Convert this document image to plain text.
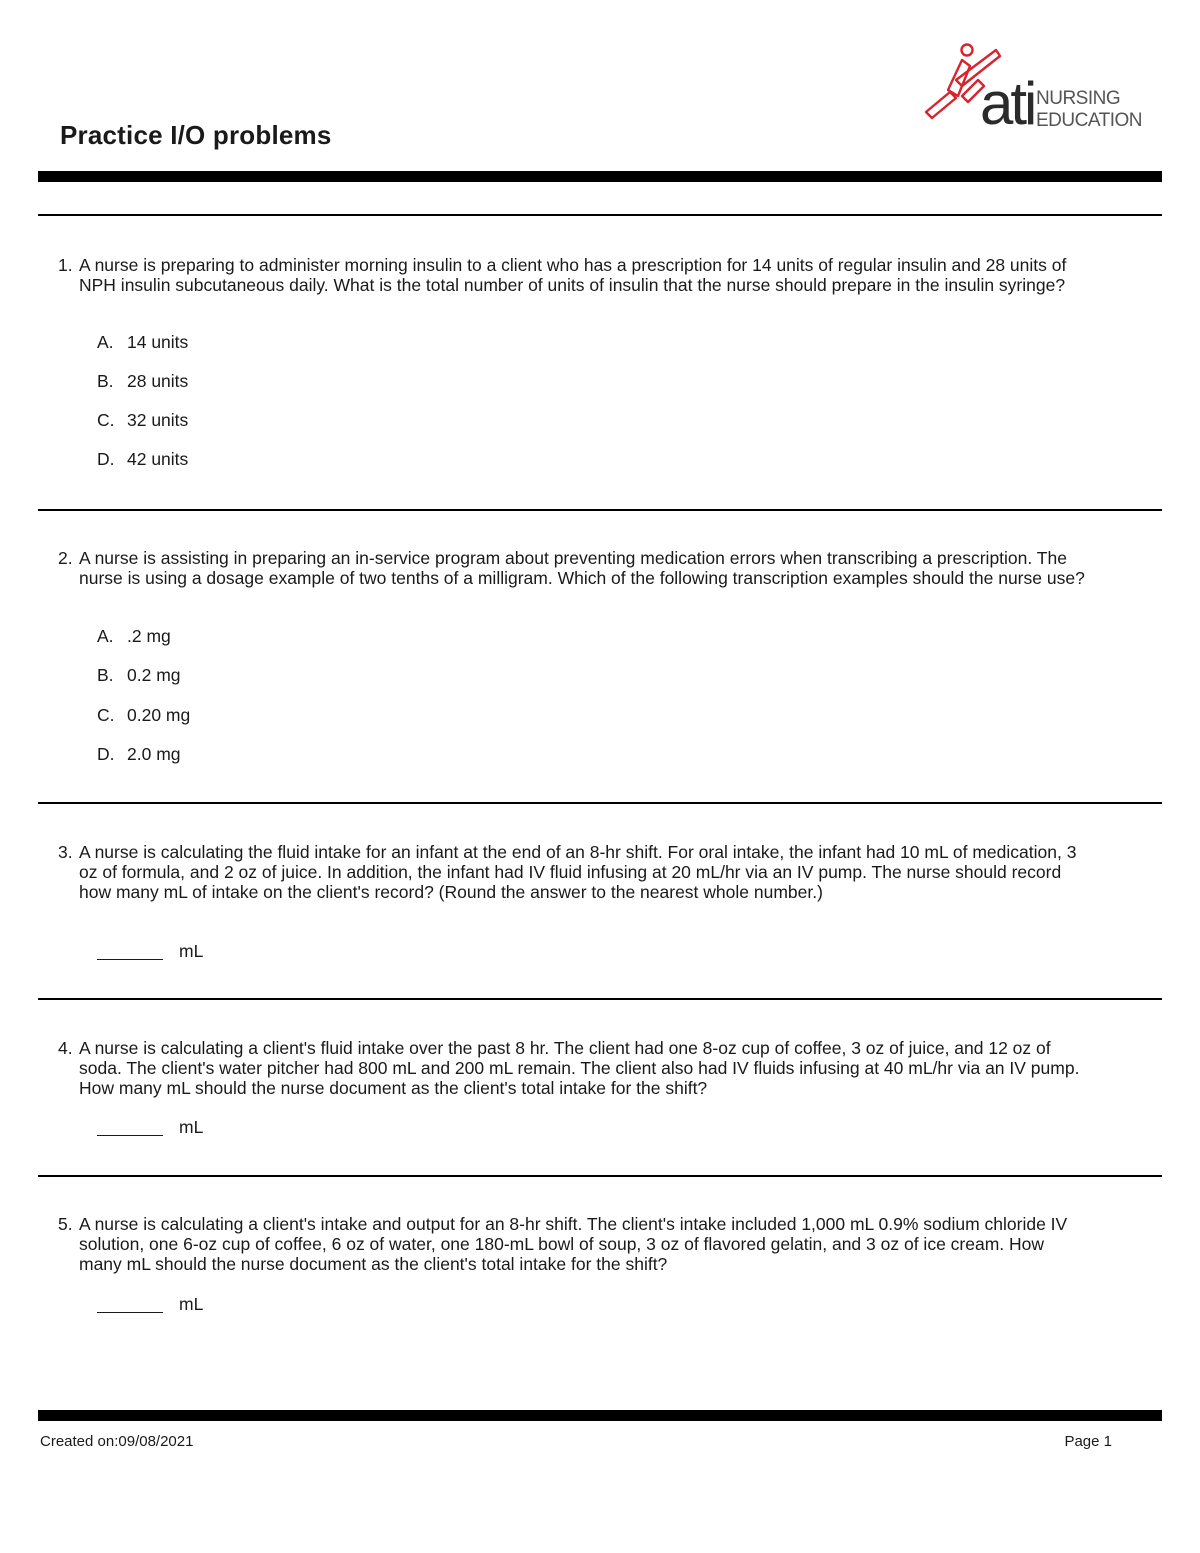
Practice I/O problems	ati NURSING
EDUCATION

1. A nurse is preparing to administer morning insulin to a client who has a prescription for 14 units of regular insulin and 28 units of NPH insulin subcutaneous daily. What is the total number of units of insulin that the nurse should prepare in the insulin syringe?

A. 14 units

B. 28 units

C. 32 units

D. 42 units

2. A nurse is assisting in preparing an in-service program about preventing medication errors when transcribing a prescription. The nurse is using a dosage example of two tenths of a milligram. Which of the following transcription examples should the nurse use?

A. .2 mg

B. 0.2 mg

C. 0.20 mg

D. 2.0 mg

3. A nurse is calculating the fluid intake for an infant at the end of an 8-hr shift. For oral intake, the infant had 10 mL of medication, 3 oz of formula, and 2 oz of juice. In addition, the infant had IV fluid infusing at 20 mL/hr via an IV pump. The nurse should record how many mL of intake on the client's record? (Round the answer to the nearest whole number.)

mL

4. A nurse is calculating a client's fluid intake over the past 8 hr. The client had one 8-oz cup of coffee, 3 oz of juice, and 12 oz of soda. The client's water pitcher had 800 mL and 200 mL remain. The client also had IV fluids infusing at 40 mL/hr via an IV pump. How many mL should the nurse document as the client's total intake for the shift?

mL

5. A nurse is calculating a client's intake and output for an 8-hr shift. The client's intake included 1,000 mL 0.9% sodium chloride IV solution, one 6-oz cup of coffee, 6 oz of water, one 180-mL bowl of soup, 3 oz of flavored gelatin, and 3 oz of ice cream. How many mL should the nurse document as the client's total intake for the shift?

mL
Created on:09/08/2021	Page 1
